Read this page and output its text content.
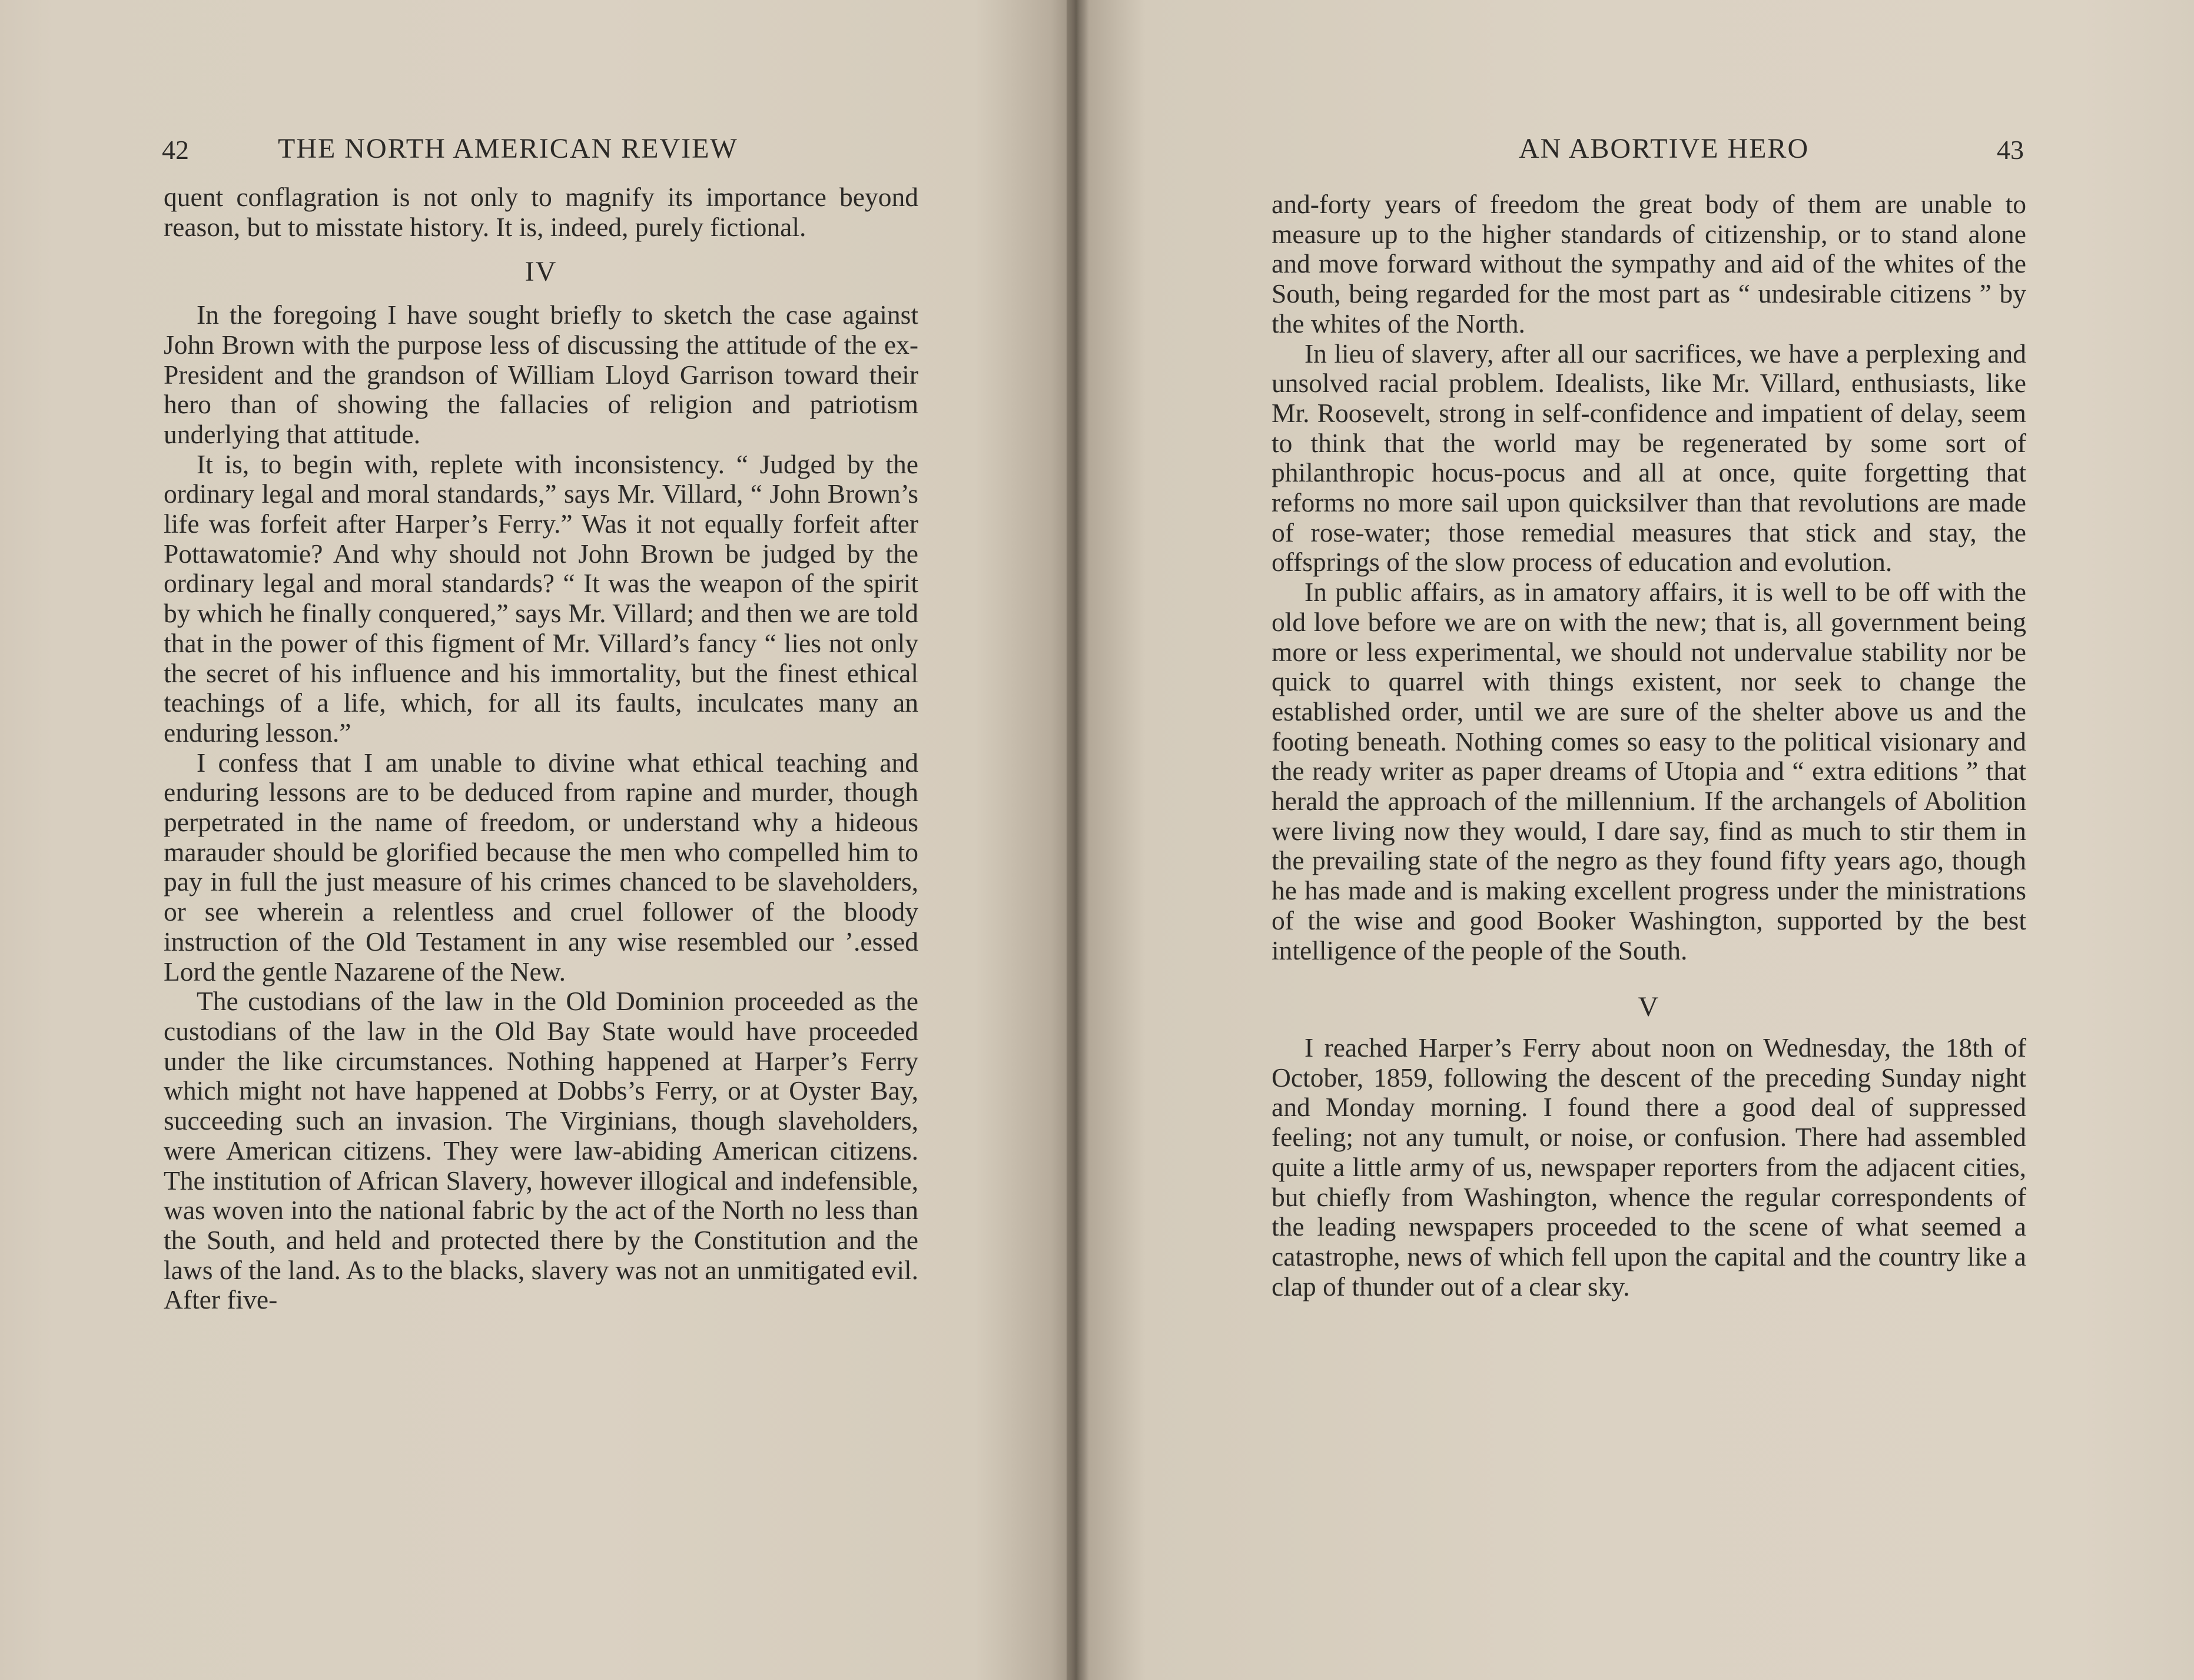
42	THE NORTH AMERICAN REVIEW

quent conflagration is not only to magnify its importance beyond reason, but to misstate history. It is, indeed, purely fictional.

IV

In the foregoing I have sought briefly to sketch the case against John Brown with the purpose less of discussing the attitude of the ex-President and the grandson of William Lloyd Garrison toward their hero than of showing the fallacies of religion and patriotism underlying that attitude.

It is, to begin with, replete with inconsistency. “ Judged by the ordinary legal and moral standards,” says Mr. Villard, “ John Brown’s life was forfeit after Harper’s Ferry.” Was it not equally forfeit after Pottawatomie? And why should not John Brown be judged by the ordinary legal and moral standards? “ It was the weapon of the spirit by which he finally conquered,” says Mr. Villard; and then we are told that in the power of this figment of Mr. Villard’s fancy “ lies not only the secret of his influence and his immortality, but the finest ethical teachings of a life, which, for all its faults, inculcates many an enduring lesson.”

I confess that I am unable to divine what ethical teaching and enduring lessons are to be deduced from rapine and murder, though perpetrated in the name of freedom, or understand why a hideous marauder should be glorified because the men who compelled him to pay in full the just measure of his crimes chanced to be slaveholders, or see wherein a relentless and cruel follower of the bloody instruction of the Old Testament in any wise resembled our ’.essed Lord the gentle Nazarene of the New.

The custodians of the law in the Old Dominion proceeded as the custodians of the law in the Old Bay State would have proceeded under the like circumstances. Nothing happened at Harper’s Ferry which might not have happened at Dobbs’s Ferry, or at Oyster Bay, succeeding such an invasion. The Virginians, though slaveholders, were American citizens. They were law-abiding American citizens. The institution of African Slavery, however illogical and indefensible, was woven into the national fabric by the act of the North no less than the South, and held and protected there by the Constitution and the laws of the land. As to the blacks, slavery was not an unmitigated evil. After five-

AN ABORTIVE HERO	43

and-forty years of freedom the great body of them are unable to measure up to the higher standards of citizenship, or to stand alone and move forward without the sympathy and aid of the whites of the South, being regarded for the most part as “ undesirable citizens ” by the whites of the North.

In lieu of slavery, after all our sacrifices, we have a perplexing and unsolved racial problem. Idealists, like Mr. Villard, enthusiasts, like Mr. Roosevelt, strong in self-confidence and impatient of delay, seem to think that the world may be regenerated by some sort of philanthropic hocus-pocus and all at once, quite forgetting that reforms no more sail upon quicksilver than that revolutions are made of rose-water; those remedial measures that stick and stay, the offsprings of the slow process of education and evolution.

In public affairs, as in amatory affairs, it is well to be off with the old love before we are on with the new; that is, all government being more or less experimental, we should not undervalue stability nor be quick to quarrel with things existent, nor seek to change the established order, until we are sure of the shelter above us and the footing beneath. Nothing comes so easy to the political visionary and the ready writer as paper dreams of Utopia and “ extra editions ” that herald the approach of the millennium. If the archangels of Abolition were living now they would, I dare say, find as much to stir them in the prevailing state of the negro as they found fifty years ago, though he has made and is making excellent progress under the ministrations of the wise and good Booker Washington, supported by the best intelligence of the people of the South.

V

I reached Harper’s Ferry about noon on Wednesday, the 18th of October, 1859, following the descent of the preceding Sunday night and Monday morning. I found there a good deal of suppressed feeling; not any tumult, or noise, or confusion. There had assembled quite a little army of us, newspaper reporters from the adjacent cities, but chiefly from Washington, whence the regular correspondents of the leading newspapers proceeded to the scene of what seemed a catastrophe, news of which fell upon the capital and the country like a clap of thunder out of a clear sky.
